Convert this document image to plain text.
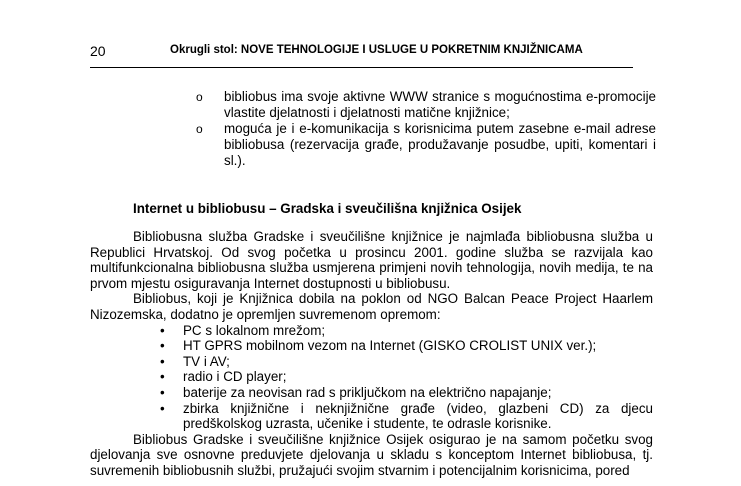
20	Okrugli stol: NOVE TEHNOLOGIJE I USLUGE U POKRETNIM KNJIŽNICAMA
o bibliobus ima svoje aktivne WWW stranice s mogućnostima e-promocije vlastite djelatnosti i djelatnosti matične knjižnice;
o moguća je i e-komunikacija s korisnicima putem zasebne e-mail adrese bibliobusa (rezervacija građe, produžavanje posudbe, upiti, komentari i sl.).
Internet u bibliobusu – Gradska i sveučilišna knjižnica Osijek

Bibliobusna služba Gradske i sveučilišne knjižnice je najmlađa bibliobusna služba u Republici Hrvatskoj. Od svog početka u prosincu 2001. godine služba se razvijala kao multifunkcionalna bibliobusna služba usmjerena primjeni novih tehnologija, novih medija, te na prvom mjestu osiguravanja Internet dostupnosti u bibliobusu.

Bibliobus, koji je Knjižnica dobila na poklon od NGO Balcan Peace Project Haarlem Nizozemska, dodatno je opremljen suvremenom opremom:

• PC s lokalnom mrežom;
• HT GPRS mobilnom vezom na Internet (GISKO CROLIST UNIX ver.);
• TV i AV;
• radio i CD player;
• baterije za neovisan rad s priključkom na električno napajanje;
• zbirka knjižnične i neknjižnične građe (video, glazbeni CD) za djecu predškolskog uzrasta, učenike i studente, te odrasle korisnike.

Bibliobus Gradske i sveučilišne knjižnice Osijek osigurao je na samom početku svog djelovanja sve osnovne preduvjete djelovanja u skladu s konceptom Internet bibliobusa, tj. suvremenih bibliobusnih službi, pružajući svojim stvarnim i potencijalnim korisnicima, pored
